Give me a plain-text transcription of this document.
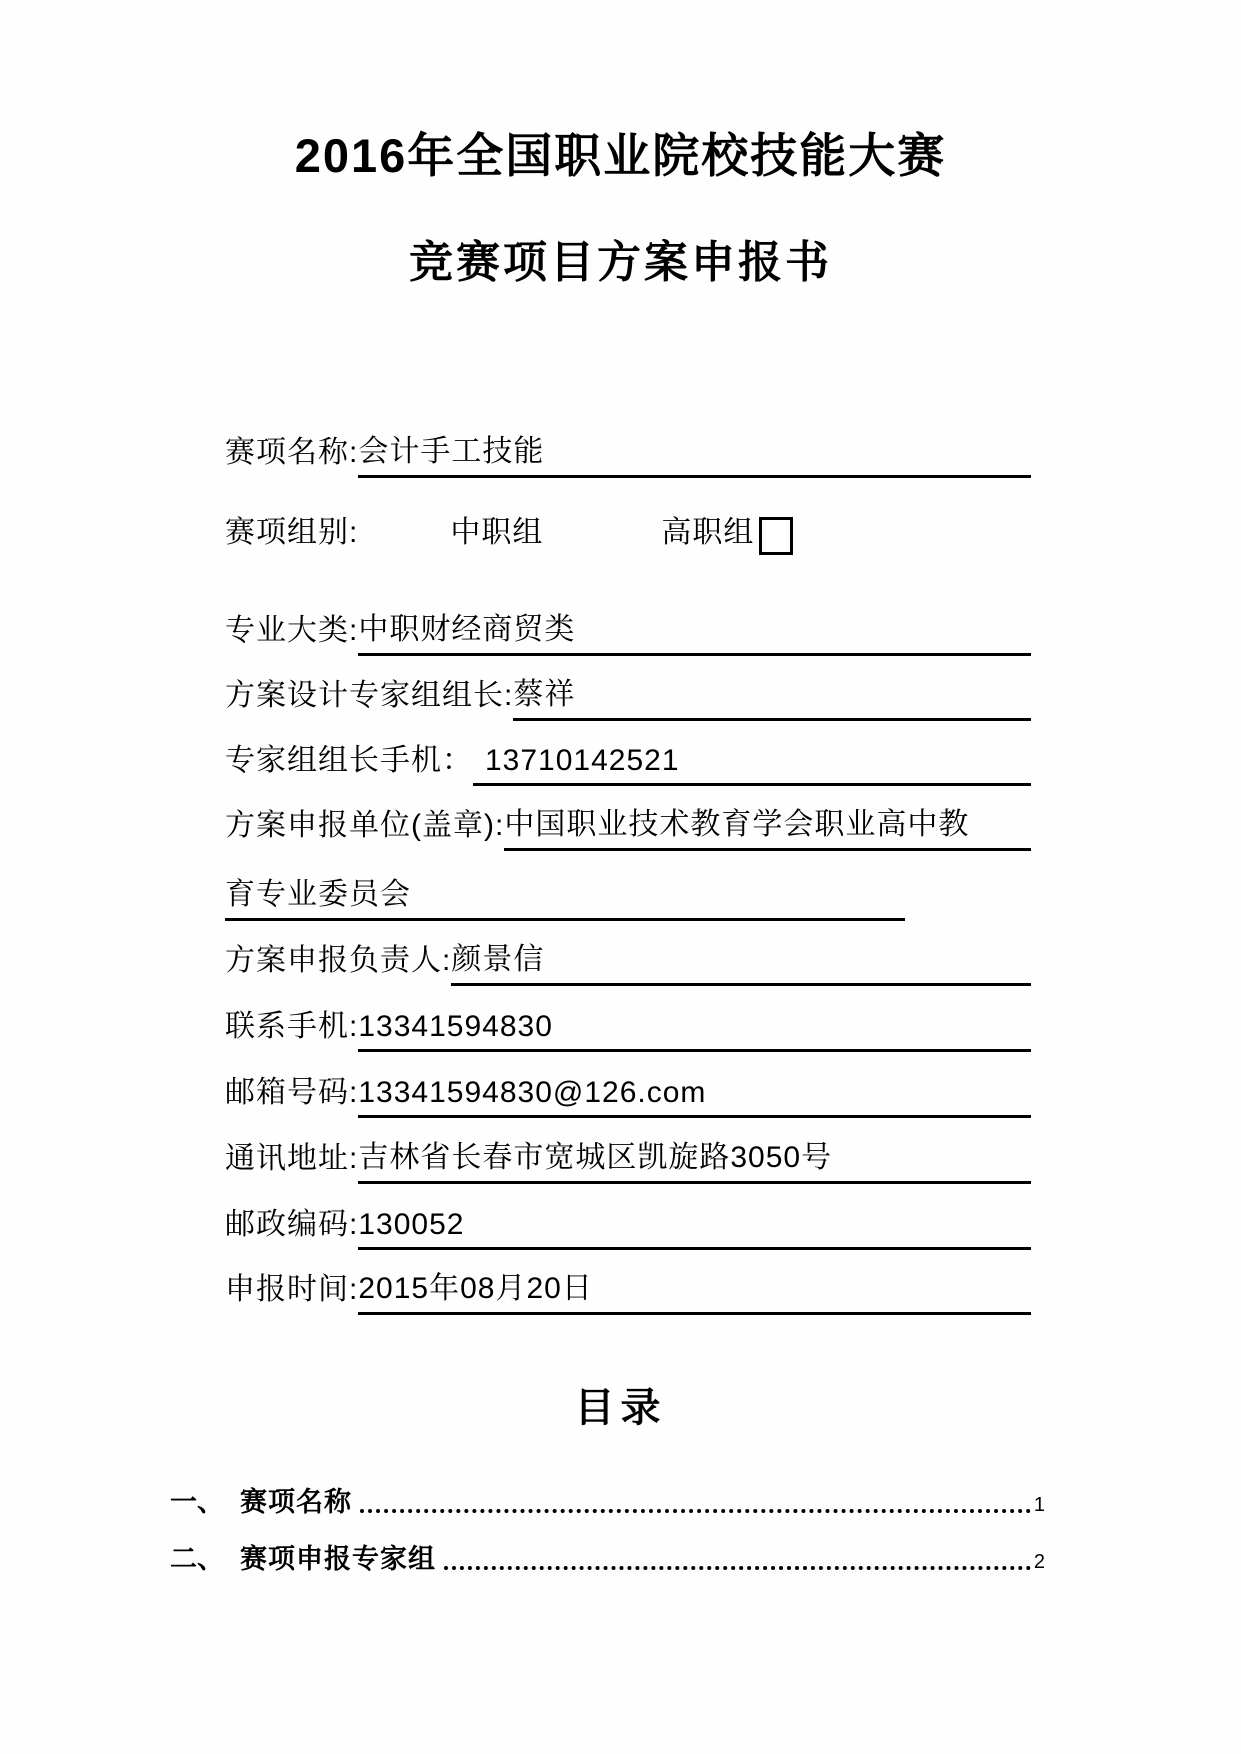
2016年全国职业院校技能大赛
竞赛项目方案申报书
赛项名称: 会计手工技能
赛项组别:	中职组	高职组
专业大类: 中职财经商贸类
方案设计专家组组长: 蔡祥
专家组组长手机： 13710142521
方案申报单位(盖章): 中国职业技术教育学会职业高中教
育专业委员会
方案申报负责人: 颜景信
联系手机: 13341594830
邮箱号码: 13341594830@126.com
通讯地址: 吉林省长春市宽城区凯旋路3050号
邮政编码: 130052
申报时间: 2015年08月20日
目录
一、 赛项名称	1
二、 赛项申报专家组	2
